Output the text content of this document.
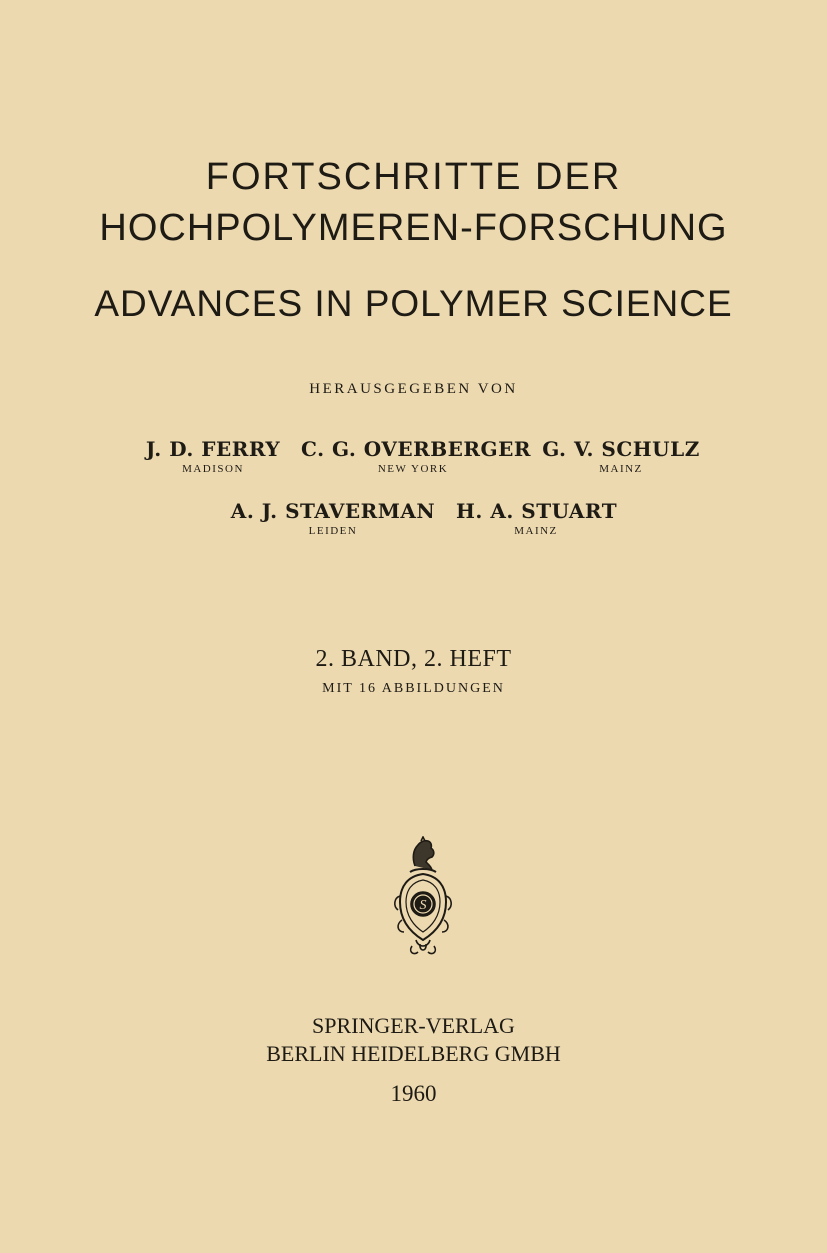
FORTSCHRITTE DER
HOCHPOLYMEREN-FORSCHUNG
ADVANCES IN POLYMER SCIENCE
HERAUSGEGEBEN VON
J. D. FERRY
MADISON
C. G. OVERBERGER
NEW YORK
G. V. SCHULZ
MAINZ
A. J. STAVERMAN
LEIDEN
H. A. STUART
MAINZ
2. BAND, 2. HEFT
MIT 16 ABBILDUNGEN
S
SPRINGER-VERLAG
BERLIN HEIDELBERG GMBH
1960
